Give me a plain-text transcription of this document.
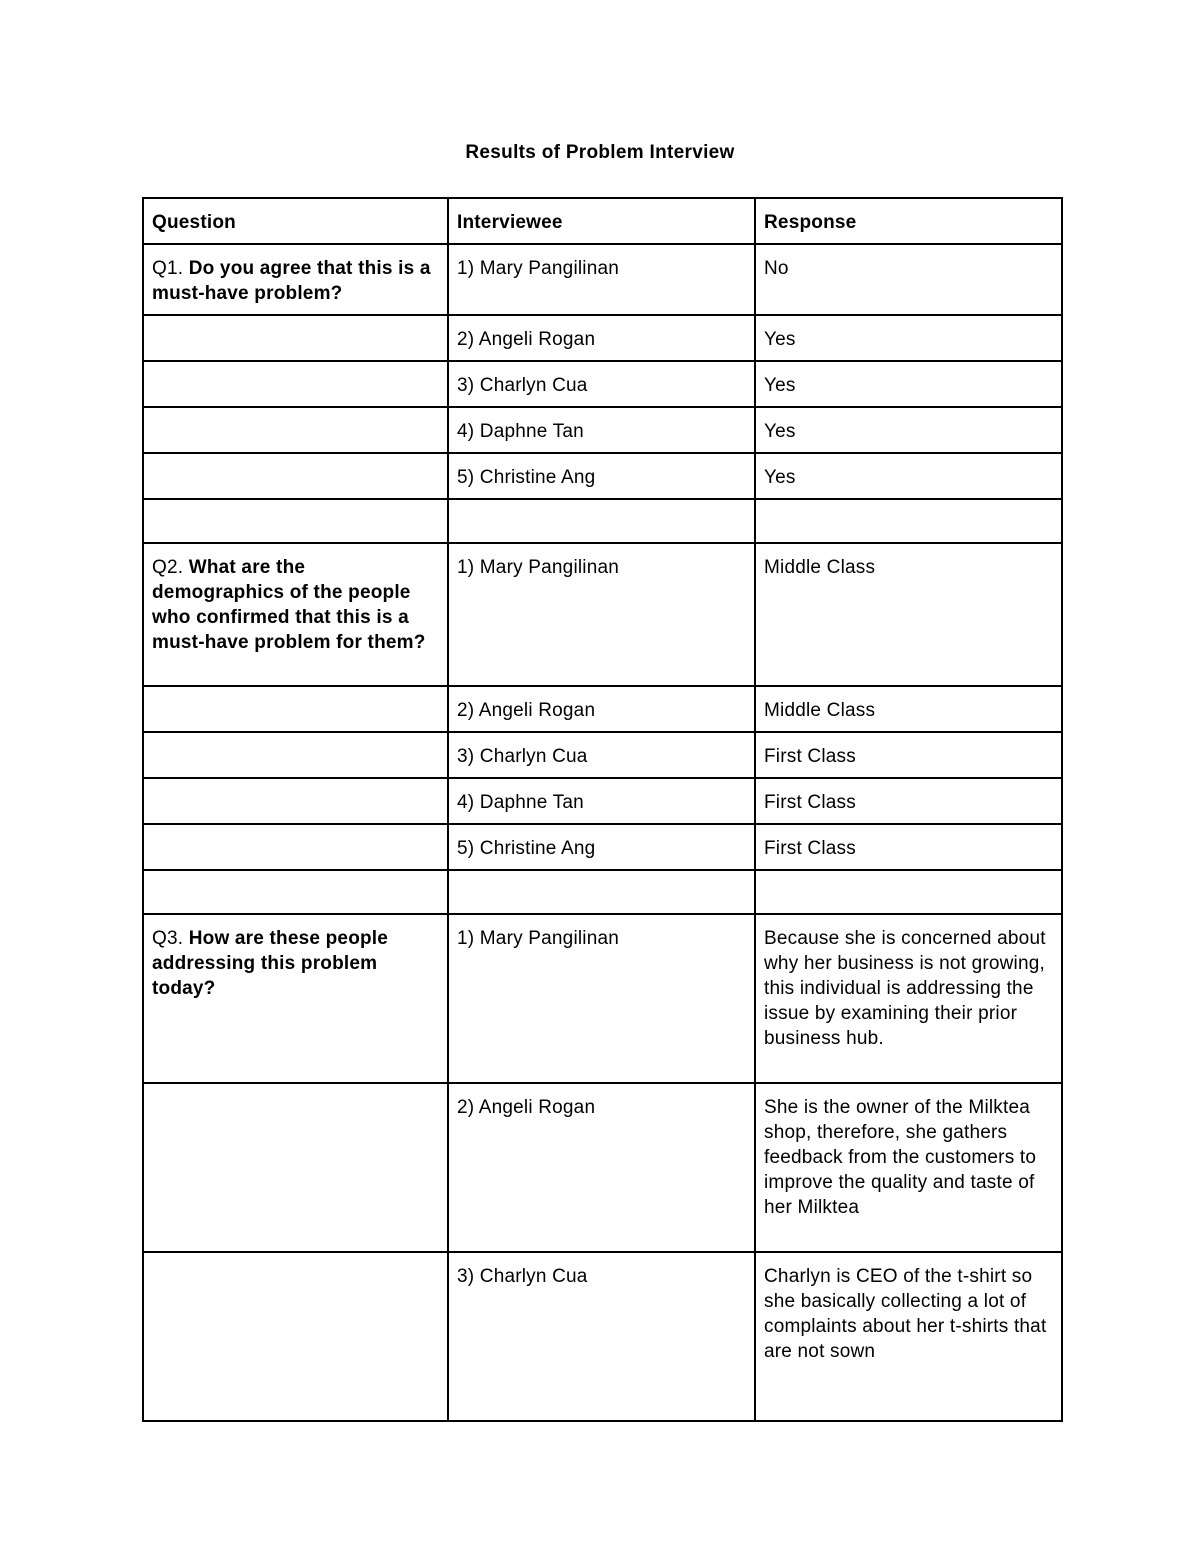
Results of Problem Interview
Question	Interviewee	Response
Q1. Do you agree that this is a must-have problem?	1) Mary Pangilinan	No
	2) Angeli Rogan	Yes
	3) Charlyn Cua	Yes
	4) Daphne Tan	Yes
	5) Christine Ang	Yes

Q2. What are the demographics of the people who confirmed that this is a must-have problem for them?	1) Mary Pangilinan	Middle Class
	2) Angeli Rogan	Middle Class
	3) Charlyn Cua	First Class
	4) Daphne Tan	First Class
	5) Christine Ang	First Class

Q3. How are these people addressing this problem today?	1) Mary Pangilinan	Because she is concerned about why her business is not growing, this individual is addressing the issue by examining their prior business hub.
	2) Angeli Rogan	She is the owner of the Milktea shop, therefore, she gathers feedback from the customers to improve the quality and taste of her Milktea
	3) Charlyn Cua	Charlyn is CEO of the t-shirt so she basically collecting a lot of complaints about her t-shirts that are not sown
